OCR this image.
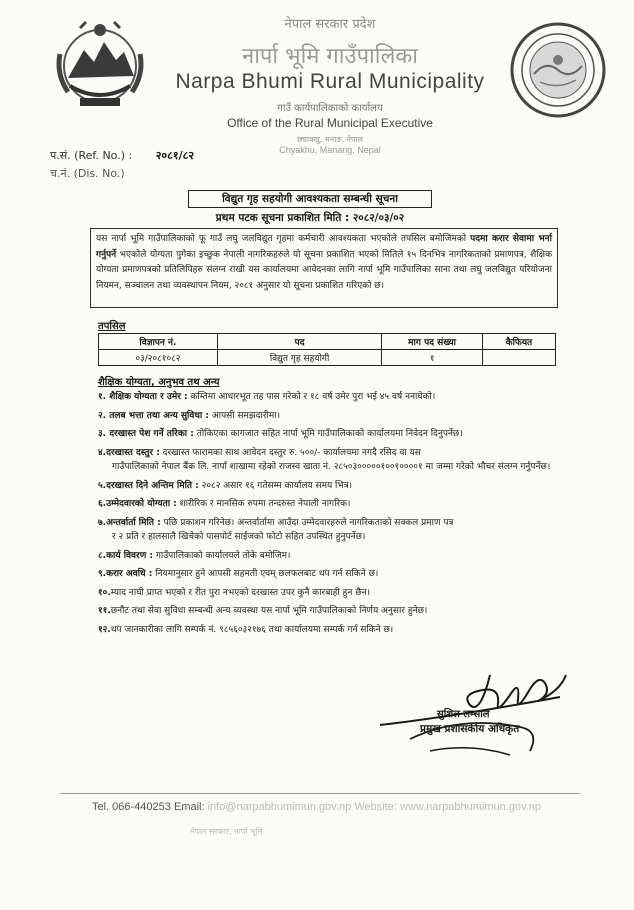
नेपाल सरकार प्रदेश
नार्पा भूमि गाउँपालिका
Narpa Bhumi Rural Municipality
गाउँ कार्यपालिकाको कार्यालय
Office of the Rural Municipal Executive
छ्याक्खु, मनाङ, नेपाल
Chyakhu, Manang, Nepal
प.सं. (Ref. No.) : २०८१/८२
च.नं. (Dis. No.)
विद्युत गृह सहयोगी आवश्यकता सम्बन्धी सूचना
प्रथम पटक सूचना प्रकाशित मिति : २०८२/०३/०२
यस नार्पा भूमि गाउँपालिकाको फू गाउँ लघु जलविद्युत गृहमा कर्मचारी आवश्यकता भएकोले तपसिल बमोजिमको पदमा करार सेवामा भर्ना गर्नुपर्ने भएकोले योग्यता पुगेका इच्छुक नेपाली नागरिकहरुले यो सूचना प्रकाशित भएको मितिले १५ दिनभित्र नागरिकताको प्रमाणपत्र, शैक्षिक योग्यता प्रमाणपत्रको प्रतिलिपिहरु संलग्न राखी यस कार्यालयमा आवेदनका लागि नार्पा भूमि गाउँपालिका साना तथा लघु जलविद्युत परियोजना नियमन, सञ्चालन तथा व्यवस्थापन नियम, २०८१ अनुसार यो सूचना प्रकाशित गरिएको छ।
तपसिल
विज्ञापन नं.	पद	माग पद संख्या	कैफियत
०३/२०८१०८२	विद्युत गृह सहयोगी	१	
शैक्षिक योग्यता, अनुभव तथ अन्य
१. शैक्षिक योग्यता र उमेर : कम्तिमा आधारभूत तह पास गरेको र १८ वर्ष उमेर पुरा भई ४५ वर्ष ननाघेको।
२. तलब भत्ता तथा अन्य सुविधा : आपसी समझदारीमा।
३. दरखास्त पेश गर्ने तरिका : तोकिएका कागजात सहित नार्पा भूमि गाउँपालिकाको कार्यालयमा निवेदन दिनुपर्नेछ।
४.दरखास्त दस्तुर : दरखास्त फारामका साथ आवेदन दस्तुर रु. ५००/- कार्यालयमा नगदै रसिद वा यस
गाउँपालिकाको नेपाल बैंक लि. नार्पा शाखामा रहेको राजस्व खाता नं. २८५०३०००००१००१००००१ मा जम्मा गरेको भौचर संलग्न गर्नुपर्नेछ।
५.दरखास्त दिने अन्तिम मिति : २०८२ असार १६ गतेसम्म कार्यालय समय भित्र।
६.उम्मेदवारको योग्यता : शारीरिक र मानसिक रुपमा तन्दरुस्त नेपाली नागरिक।
७.अन्तर्वार्ता मिति : पछि प्रकाशन गरिनेछ। अन्तर्वार्तामा आउँदा उम्मेदवारहरुले नागरिकताको सक्कल प्रमाण पत्र
र २ प्रति र हालसालै खिचेको पासपोर्ट साईजको फोटो सहित उपस्थित हुनुपर्नेछ।
८.कार्य विवरण : गाउँपालिकाको कार्यालयले तोके बमोजिम।
९.करार अवधि : नियमानुसार हुने आपसी सहमती एवम् छलफलबाट थप गर्न सकिने छ।
१०.म्याद नाघी प्राप्त भएको र रीत पुरा नभएको दरखास्त उपर कुनै कारबाही हुन छैन।
११.छनौट तथा सेवा सुविधा सम्बन्धी अन्य व्यवस्था यस नार्पा भूमि गाउँपालिकाको निर्णय अनुसार हुनेछ।
१२.थप जानकारीका लागि सम्पर्क नं. ९८५६०३२१७६ तथा कार्यालयमा सम्पर्क गर्न सकिने छ।
सुशिल लम्साल
प्रमुख प्रशासकीय अधिकृत
Tel. 066-440253 Email: info@narpabhumimun.gov.np Website: www.narpabhumimun.gov.np
नेपाल सरकार, नार्पा भूमि
